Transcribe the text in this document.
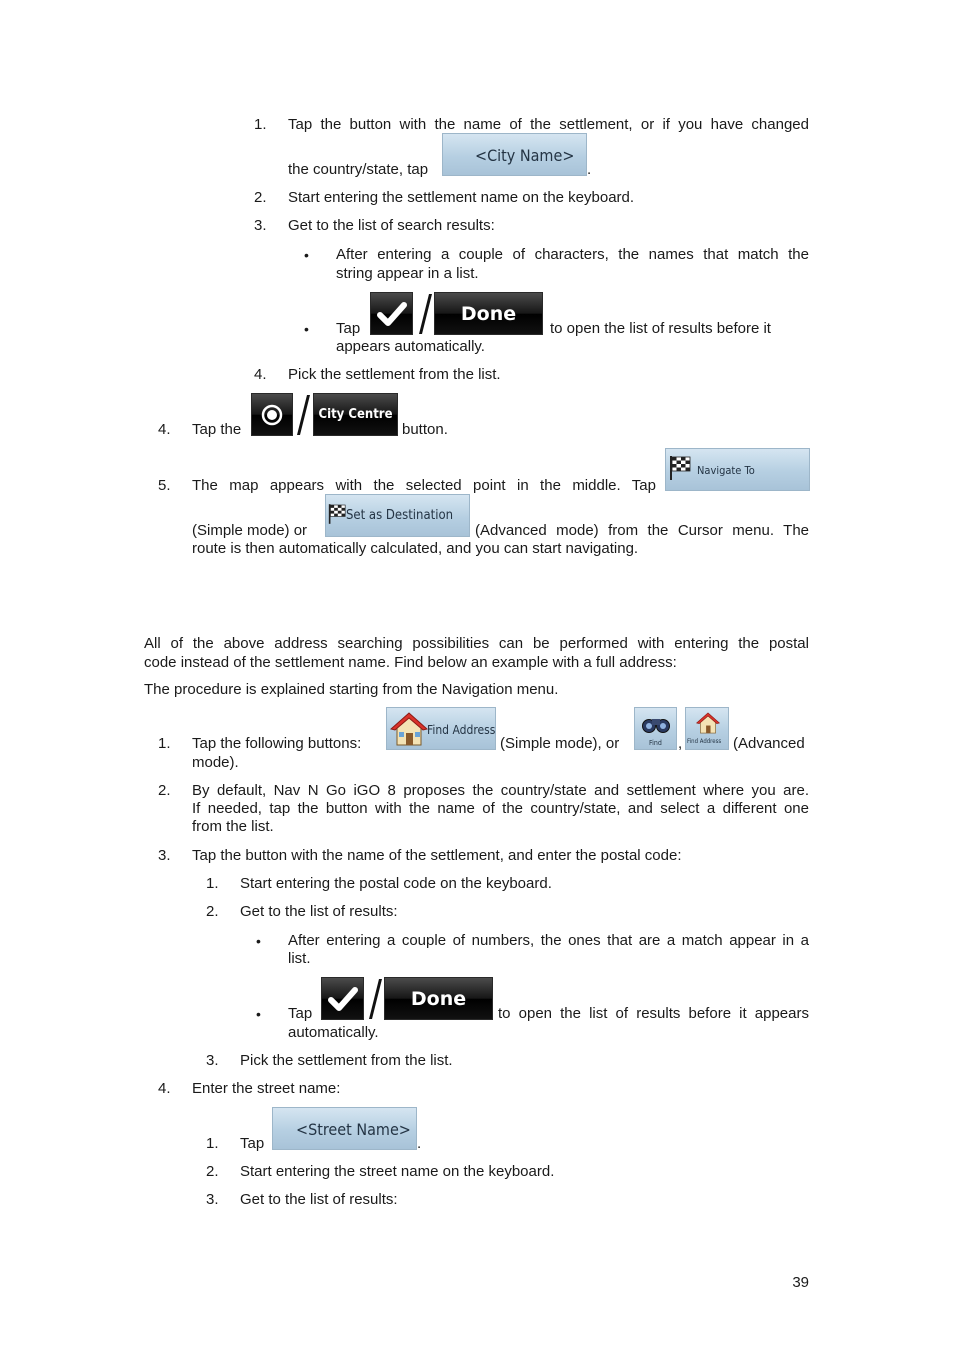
1. Tap the button with the name of the settlement, or if you have changed
the country/state, tap
<City Name>
.
2. Start entering the settlement name on the keyboard.
3. Get to the list of search results:
• After entering a couple of characters, the names that match the
string appear in a list.
• Tap
Done
to open the list of results before it
appears automatically.
4. Pick the settlement from the list.
4. Tap the
City Centre
button.
5. The map appears with the selected point in the middle. Tap
Navigate To
(Simple mode) or
Set as Destination
(Advanced mode) from the Cursor menu. The
route is then automatically calculated, and you can start navigating.
All of the above address searching possibilities can be performed with entering the postal
code instead of the settlement name. Find below an example with a full address:
The procedure is explained starting from the Navigation menu.
1. Tap the following buttons:
Find Address
(Simple mode), or	Find , Find Address (Advanced
mode).
2. By default, Nav N Go iGO 8 proposes the country/state and settlement where you are.
If needed, tap the button with the name of the country/state, and select a different one
from the list.
3. Tap the button with the name of the settlement, and enter the postal code:
1. Start entering the postal code on the keyboard.
2. Get to the list of results:
• After entering a couple of numbers, the ones that are a match appear in a
list.
• Tap
Done
to open the list of results before it appears
automatically.
3. Pick the settlement from the list.
4. Enter the street name:
1. Tap
<Street Name>
.
2. Start entering the street name on the keyboard.
3. Get to the list of results:
39
